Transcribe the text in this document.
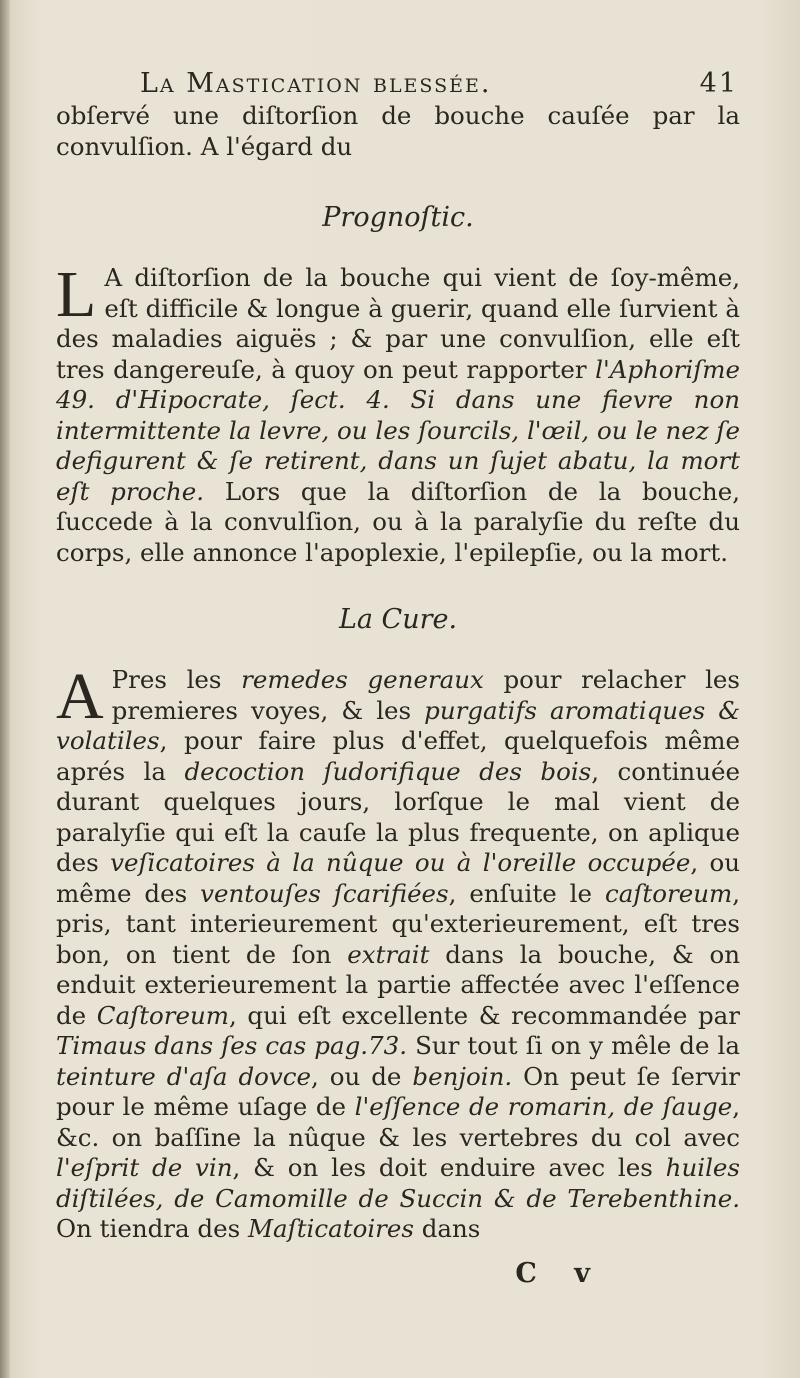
La Mastication blessée.	41

obſervé une diſtorſion de bouche cauſée par la convulſion. A l'égard du

Prognoſtic.

L A diſtorſion de la bouche qui vient de ſoy-même, eſt difficile & longue à guerir, quand elle ſurvient à des maladies aiguës ; & par une convulſion, elle eſt tres dangereuſe, à quoy on peut rapporter l'Aphoriſme 49. d'Hipocrate, ſect. 4. Si dans une fievre non intermittente la levre, ou les ſourcils, l'œil, ou le nez ſe defigurent & ſe retirent, dans un ſujet abatu, la mort eſt proche. Lors que la diſtorſion de la bouche, ſuccede à la convulſion, ou à la paralyſie du reſte du corps, elle annonce l'apoplexie, l'epilepſie, ou la mort.

La Cure.

A Pres les remedes generaux pour relacher les premieres voyes, & les purgatifs aromatiques & volatiles, pour faire plus d'effet, quelquefois même aprés la decoction ſudorifique des bois, continuée durant quelques jours, lorſque le mal vient de paralyſie qui eſt la cauſe la plus frequente, on aplique des veſicatoires à la nûque ou à l'oreille occupée, ou même des ventouſes ſcarifiées, enſuite le caſtoreum, pris, tant interieurement qu'exterieurement, eſt tres bon, on tient de ſon extrait dans la bouche, & on enduit exterieurement la partie affectée avec l'eſſence de Caſtoreum, qui eſt excellente & recommandée par Timaus dans ſes cas pag.73. Sur tout ſi on y mêle de la teinture d'aſa dovce, ou de benjoin. On peut ſe ſervir pour le même uſage de l'eſſence de romarin, de ſauge, &c. on baſſine la nûque & les vertebres du col avec l'eſprit de vin, & on les doit enduire avec les huiles diſtilées, de Camomille de Succin & de Terebenthine. On tiendra des Maſticatoires dans

C v
